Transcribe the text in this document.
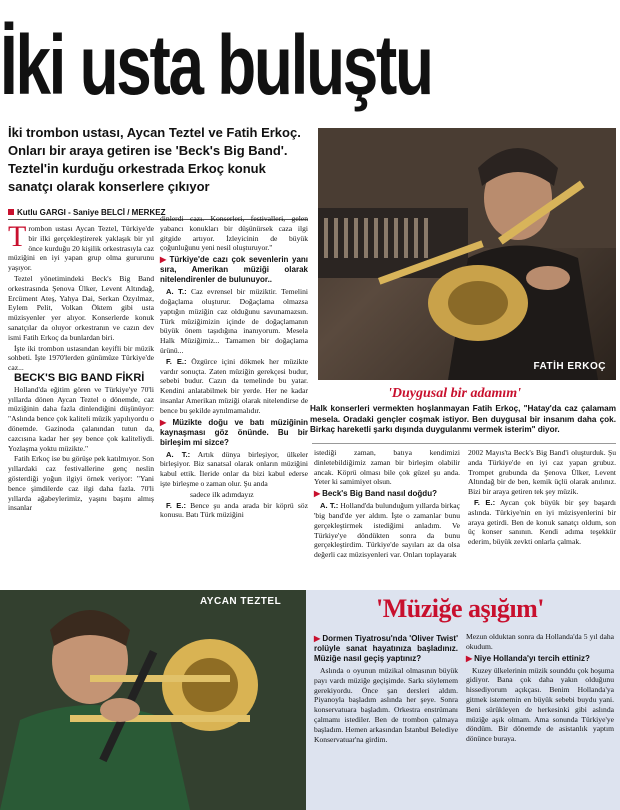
İki usta buluştu
İki trombon ustası, Aycan Teztel ve Fatih Erkoç. Onları bir araya getiren ise 'Beck's Big Band'. Teztel'in kurduğu orkestrada Erkoç konuk sanatçı olarak konserlere çıkıyor
Kutlu GARGI - Saniye BELCİ / MERKEZ

Trombon ustası Aycan Teztel, Türkiye'de bir ilki gerçekleştirerek yaklaşık bir yıl önce kurduğu 20 kişilik orkestrasıyla caz müziğini en iyi yapan grup olma gururunu yaşıyor.

Teztel yönetimindeki Beck's Big Band orkestrasında Şenova Ülker, Levent Altındağ, Ercüment Ateş, Yahya Dai, Serkan Özyılmaz, Eylem Pelit, Volkan Öktem gibi usta müzisyenler yer alıyor. Konserlerde konuk sanatçılar da oluyor orkestranın ve cazın dev ismi Fatih Erkoç da bunlardan biri.

İşte iki trombon ustasından keyifli bir müzik sohbeti. İşte 1970'lerden günümüze Türkiye'de caz...

BECK'S BIG BAND FİKRİ

Holland'da eğitim gören ve Türkiye'ye 70'li yıllarda dönen Aycan Teztel o dönemde, caz müziğinin daha fazla dinlendiğini düşünüyor: "Aslında bence çok kaliteli müzik yapılıyordu o dönemde. Gazinoda çalanından tutun da, cazcısına kadar her şey bence çok kaliteliydi. Yozlaşma yoktu müzikte."

Fatih Erkoç ise bu görüşe pek katılmıyor. Son yıllardaki caz festivallerine genç neslin gösterdiği yoğun ilgiyi örnek veriyor: "Yani bence şimdilerde caz ilgi daha fazla. 70'li yıllarda ağabeylerimiz, yaşını başını almış insanlar

dinlerdi cazı. Konserleri, festivalleri, gelen yabancı konukları bir düşünürsek caza ilgi gitgide artıyor. İzleyicinin de büyük çoğunluğunu yeni nesil oluşturuyor."

▶ Türkiye'de cazı çok sevenlerin yanı sıra, Amerikan müziği olarak nitelendirenler de bulunuyor..

A. T.: Caz evrensel bir müziktir. Temelini doğaçlama oluşturur. Doğaçlama olmazsa yaptığın müziğin caz olduğunu savunamazsın. Türk müziğimizin içinde de doğaçlamanın büyük önem taşıdığına inanıyorum. Mesela Halk Müziğimiz... Tamamen bir doğaçlama ürünü...

F. E.: Özgürce içini dökmek her müzikte vardır sonuçta. Zaten müziğin gerekçesi budur, sebebi budur. Cazın da temelinde bu yatar. Kendini anlatabilmek bir yerde. Her ne kadar insanlar Amerikan müziği olarak nitelendirse de bence bu şekilde aynılmamalıdır.

▶ Müzikte doğu ve batı müziğinin kaynaşması göz önünde. Bu bir birleşim mi sizce?

A. T.: Artık dünya birleşiyor, ülkeler birleşiyor. Biz sanatsal olarak onların müziğini kabul ettik. İleride onlar da bizi kabul ederse işte birleşme o zaman olur. Şu anda

sadece ilk adımdayız

F. E.: Bence şu anda arada bir köprü söz konusu. Batı Türk müziğini

FATİH ERKOÇ
'Duygusal bir adamım'
Halk konserleri vermekten hoşlanmayan Fatih Erkoç, "Hatay'da caz çalamam mesela. Oradaki gençler coşmak istiyor. Ben duygusal bir insanım daha çok. Birkaç hareketli şarkı dışında duygulanmı vermek isterim" diyor.

istediği zaman, batıya kendimizi dinletebildiğimiz zaman bir birleşim olabilir ancak. Köprü olması bile çok güzel şu anda. Yeter ki samimiyet olsun.

▶ Beck's Big Band nasıl doğdu?

A. T.: Holland'da bulunduğum yıllarda birkaç 'big band'de yer aldım. İşte o zamanlar bunu gerçekleştirmek istediğimi anladım. Ve Türkiye'ye döndükten sonra da bunu gerçekleştirdim. Türkiye'de sayıları az da olsa değerli caz müzisyenleri var. Onları toplayarak

2002 Mayıs'ta Beck's Big Band'i oluşturduk. Şu anda Türkiye'de en iyi caz yapan grubuz. Trompet grubunda da Şenova Ülker, Levent Altındağ bir de ben, kemik üçlü olarak anılınız. Bizi bir araya getiren tek şey müzik.

F. E.: Aycan çok büyük bir şey başardı aslında. Türkiye'nin en iyi müzisyenlerini bir araya getirdi. Ben de konuk sanatçı oldum, son üç konser sanının. Kendi adıma teşekkür ederim, büyük zevkti onlarla çalmak.

AYCAN TEZTEL	'Müziğe aşığım'

▶ Dormen Tiyatrosu'nda 'Oliver Twist' rolüyle sanat hayatınıza başladınız. Müziğe nasıl geçiş yaptınız?

Aslında o oyunun müzikal olmasının büyük payı vardı müziğe geçişimde. Sarkı söylemem gerekiyordu. Önce şan dersleri aldım. Piyanoyla başladım aslında her şeye. Sonra konservatuara başladım. Orkestra enstrümanı çalmamı istediler. Ben de trombon çalmaya başladım. Hemen arkasından İstanbul Belediye Konservatuar'na girdim.

Mezun olduktan sonra da Hollanda'da 5 yıl daha okudum.

▶ Niye Hollanda'yı tercih ettiniz?

Kuzey ülkelerinin müzik sounddu çok hoşuma gidiyor. Bana çok daha yakın olduğunu hissediyorum açıkçası. Benim Hollanda'ya gitmek istememin en büyük sebebi buydu yani. Beni sürükleyen de herkesinki gibi aslında müziğe aşık olmam. Ama sonunda Türkiye'ye döndüm. Bir dönemde de asistanlık yaptım dönünce buraya.
